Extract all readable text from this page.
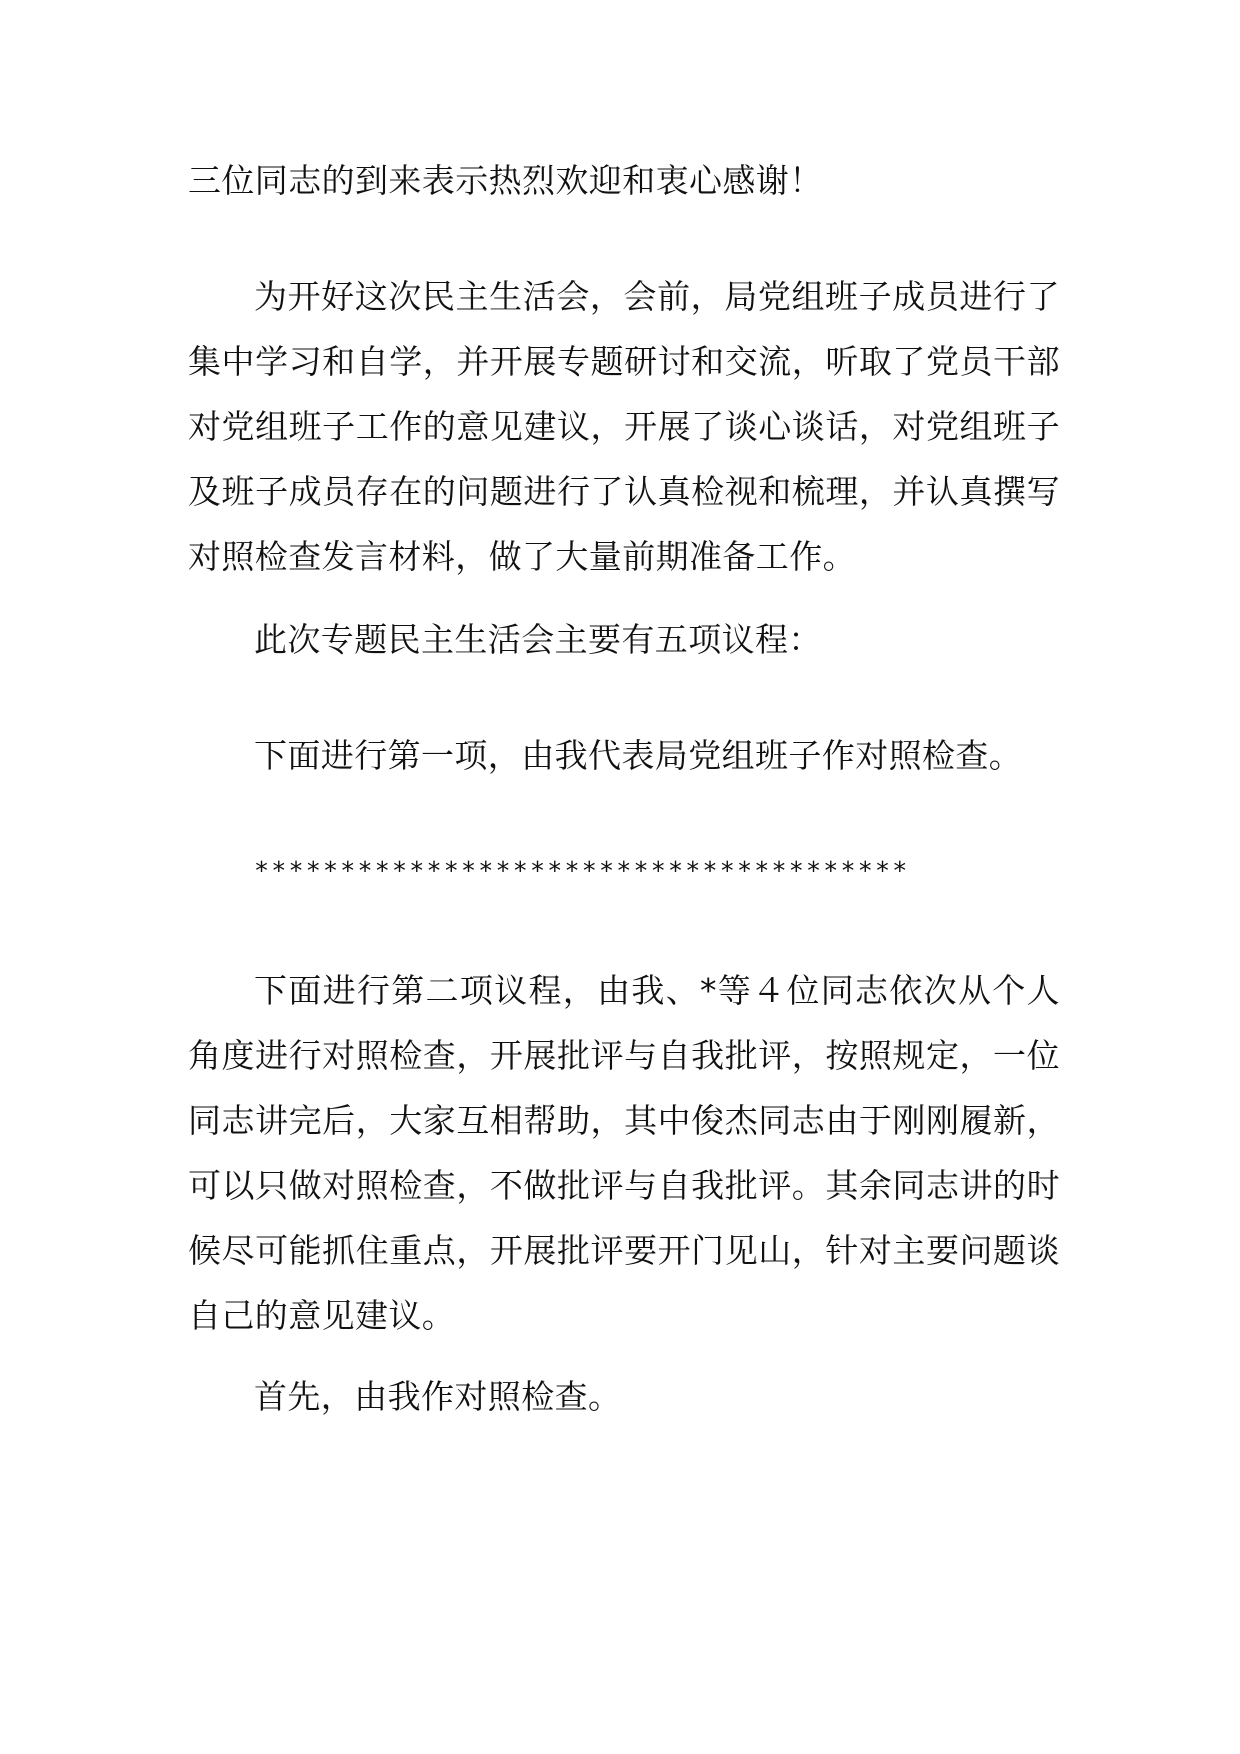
三位同志的到来表示热烈欢迎和衷心感谢！

为开好这次民主生活会，会前，局党组班子成员进行了集中学习和自学，并开展专题研讨和交流，听取了党员干部对党组班子工作的意见建议，开展了谈心谈话，对党组班子及班子成员存在的问题进行了认真检视和梳理，并认真撰写对照检查发言材料，做了大量前期准备工作。

此次专题民主生活会主要有五项议程：

下面进行第一项，由我代表局党组班子作对照检查。

**************************************

下面进行第二项议程，由我、*等４位同志依次从个人角度进行对照检查，开展批评与自我批评，按照规定，一位同志讲完后，大家互相帮助，其中俊杰同志由于刚刚履新，可以只做对照检查，不做批评与自我批评。其余同志讲的时候尽可能抓住重点，开展批评要开门见山，针对主要问题谈自己的意见建议。

首先，由我作对照检查。
